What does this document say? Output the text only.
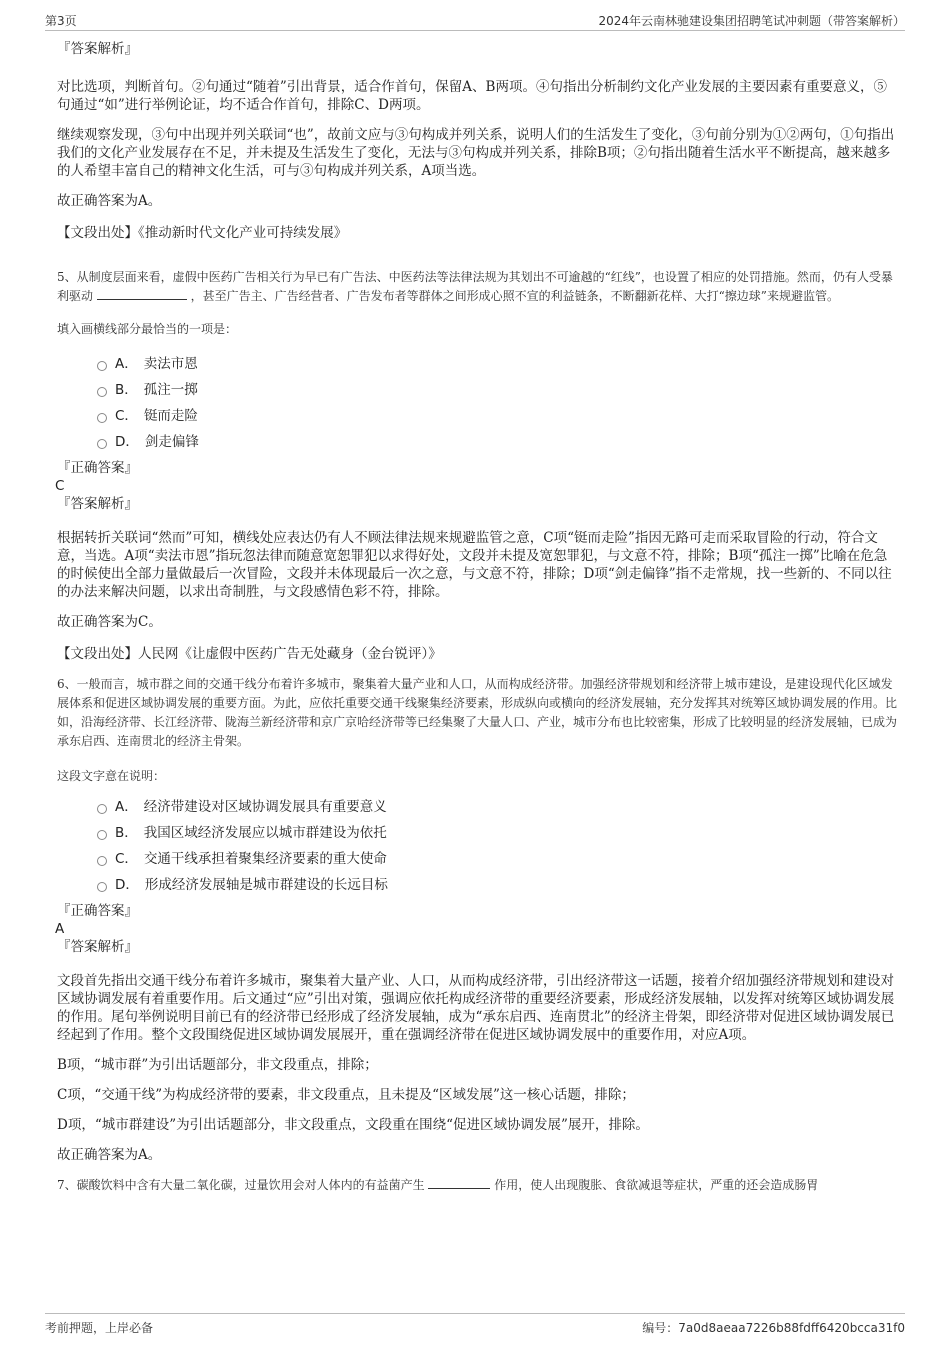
第3页	2024年云南林驰建设集团招聘笔试冲刺题（带答案解析）

『答案解析』

对比选项，判断首句。②句通过“随着”引出背景，适合作首句，保留A、B两项。④句指出分析制约文化产业发展的主要因素有重要意义，⑤句通过“如”进行举例论证，均不适合作首句，排除C、D两项。

继续观察发现，③句中出现并列关联词“也”，故前文应与③句构成并列关系，说明人们的生活发生了变化，③句前分别为①②两句，①句指出我们的文化产业发展存在不足，并未提及生活发生了变化，无法与③句构成并列关系，排除B项；②句指出随着生活水平不断提高，越来越多的人希望丰富自己的精神文化生活，可与③句构成并列关系，A项当选。

故正确答案为A。

【文段出处】《推动新时代文化产业可持续发展》

5、从制度层面来看，虚假中医药广告相关行为早已有广告法、中医药法等法律法规为其划出不可逾越的“红线”，也设置了相应的处罚措施。然而，仍有人受暴利驱动	，甚至广告主、广告经营者、广告发布者等群体之间形成心照不宣的利益链条，不断翻新花样、大打“擦边球”来规避监管。

填入画横线部分最恰当的一项是：

A． 卖法市恩
B． 孤注一掷
C． 铤而走险
D． 剑走偏锋

『正确答案』

C

『答案解析』

根据转折关联词“然而”可知，横线处应表达仍有人不顾法律法规来规避监管之意，C项“铤而走险”指因无路可走而采取冒险的行动，符合文意，当选。A项“卖法市恩”指玩忽法律而随意宽恕罪犯以求得好处，文段并未提及宽恕罪犯，与文意不符，排除；B项“孤注一掷”比喻在危急的时候使出全部力量做最后一次冒险，文段并未体现最后一次之意，与文意不符，排除；D项“剑走偏锋”指不走常规，找一些新的、不同以往的办法来解决问题，以求出奇制胜，与文段感情色彩不符，排除。

故正确答案为C。

【文段出处】人民网《让虚假中医药广告无处藏身（金台锐评）》

6、一般而言，城市群之间的交通干线分布着许多城市，聚集着大量产业和人口，从而构成经济带。加强经济带规划和经济带上城市建设，是建设现代化区域发展体系和促进区域协调发展的重要方面。为此，应依托重要交通干线聚集经济要素，形成纵向或横向的经济发展轴，充分发挥其对统筹区域协调发展的作用。比如，沿海经济带、长江经济带、陇海兰新经济带和京广京哈经济带等已经集聚了大量人口、产业，城市分布也比较密集，形成了比较明显的经济发展轴，已成为承东启西、连南贯北的经济主骨架。

这段文字意在说明：

A． 经济带建设对区域协调发展具有重要意义
B． 我国区域经济发展应以城市群建设为依托
C． 交通干线承担着聚集经济要素的重大使命
D． 形成经济发展轴是城市群建设的长远目标

『正确答案』

A

『答案解析』

文段首先指出交通干线分布着许多城市，聚集着大量产业、人口，从而构成经济带，引出经济带这一话题，接着介绍加强经济带规划和建设对区域协调发展有着重要作用。后文通过“应”引出对策，强调应依托构成经济带的重要经济要素，形成经济发展轴，以发挥对统筹区域协调发展的作用。尾句举例说明目前已有的经济带已经形成了经济发展轴，成为“承东启西、连南贯北”的经济主骨架，即经济带对促进区域协调发展已经起到了作用。整个文段围绕促进区域协调发展展开，重在强调经济带在促进区域协调发展中的重要作用，对应A项。

B项，“城市群”为引出话题部分，非文段重点，排除；

C项，“交通干线”为构成经济带的要素，非文段重点，且未提及“区域发展”这一核心话题，排除；

D项，“城市群建设”为引出话题部分，非文段重点，文段重在围绕“促进区域协调发展”展开，排除。

故正确答案为A。

7、碳酸饮料中含有大量二氧化碳，过量饮用会对人体内的有益菌产生	作用，使人出现腹胀、食欲减退等症状，严重的还会造成肠胃

考前押题，上岸必备	编号：7a0d8aeaa7226b88fdff6420bcca31f0
